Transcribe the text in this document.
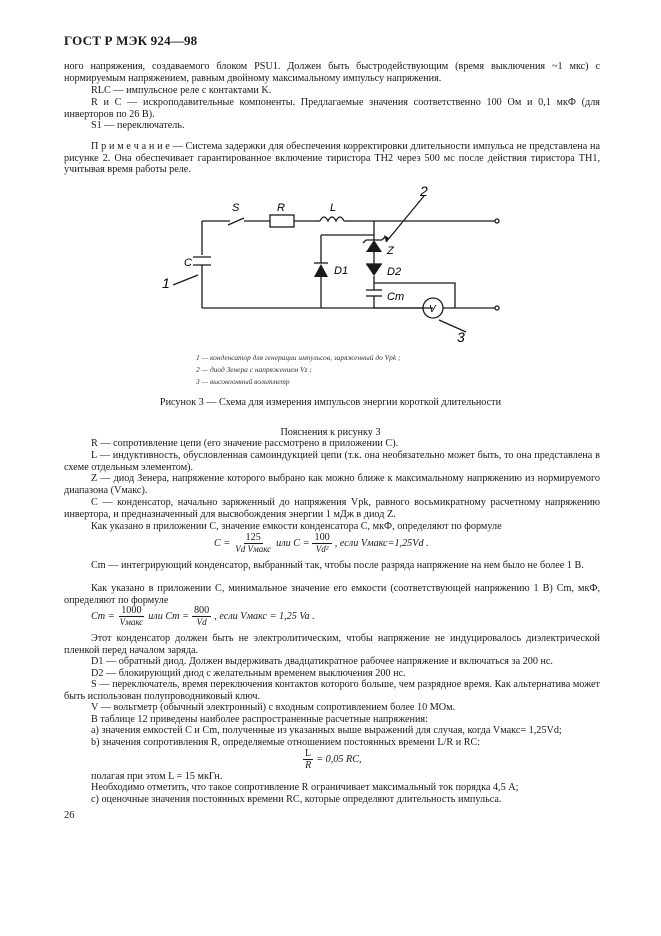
ГОСТ Р МЭК 924—98
ного напряжения, создаваемого блоком PSU1. Должен быть быстродействующим (время выключения ~1 мкс) с нормируемым напряжением, равным двойному максимальному импульсу напряжения.
RLC — импульсное реле с контактами K.
R и C — искроподавительные компоненты. Предлагаемые значения соответственно 100 Ом и 0,1 мкФ (для инверторов по 26 В).
S1 — переключатель.
П р и м е ч а н и е — Система задержки для обеспечения корректировки длительности импульса не представлена на рисунке 2. Она обеспечивает гарантированное включение тиристора TH2 через 500 мс после действия тиристора TH1, учитывая время работы реле.
S	R	L
C
Z
D1	D2
Cm
V
1
2
3
1 — конденсатор для генерации импульсов, заряженный до Vpk ;
2 — диод Зенера с напряжением Vz ;
3 — высокоомный вольтметр
Рисунок 3 — Схема для измерения импульсов энергии короткой длительности
Пояснения к рисунку 3
R — сопротивление цепи (его значение рассмотрено в приложении С).
L — индуктивность, обусловленная самоиндукцией цепи (т.к. она необязательно может быть, то она представлена в схеме отдельным элементом).
Z — диод Зенера, напряжение которого выбрано как можно ближе к максимальному напряжению из нормируемого диапазона (Vмакс).
C — конденсатор, начально заряженный до напряжения Vpk, равного восьмикратному расчетному напряжению инвертора, и предназначенный для высвобождения энергии 1 мДж в диод Z.
Как указано в приложении С, значение емкости конденсатора C, мкФ, определяют по формуле
$C = \frac{125}{\text{Vd Vмакс}}$ или $C = \frac{100}{\text{Vd²}}$ , если Vмакс=1,25Vd .
Cm — интегрирующий конденсатор, выбранный так, чтобы после разряда напряжение на нем было не более 1 В.
Как указано в приложении С, минимальное значение его емкости (соответствующей напряжению 1 В) Cm, мкФ, определяют по формуле
$Cm = \frac{1000}{\text{Vмакс}}$ или $Cm = \frac{800}{Vd}$ , если Vмакс = 1,25 Va .
Этот конденсатор должен быть не электролитическим, чтобы напряжение не индуцировалось диэлектрической пленкой перед началом заряда.
D1 — обратный диод. Должен выдерживать двадцатикратное рабочее напряжение и включаться за 200 нс.
D2 — блокирующий диод с желательным временем выключения 200 нс.
S — переключатель, время переключения контактов которого больше, чем разрядное время. Как альтернатива может быть использован полупроводниковый ключ.
V — вольтметр (обычный электронный) с входным сопротивлением более 10 МОм.
В таблице 12 приведены наиболее распространенные расчетные напряжения:
а) значения емкостей C и Cm, полученные из указанных выше выражений для случая, когда Vмакс= 1,25Vd;
b) значения сопротивления R, определяемые отношением постоянных времени L/R и RC:
$\frac{L}{R} = 0,05$ RC,
полагая при этом L = 15 мкГн.
Необходимо отметить, что такое сопротивление R ограничивает максимальный ток порядка 4,5 А;
с) оценочные значения постоянных времени RC, которые определяют длительность импульса.
26
